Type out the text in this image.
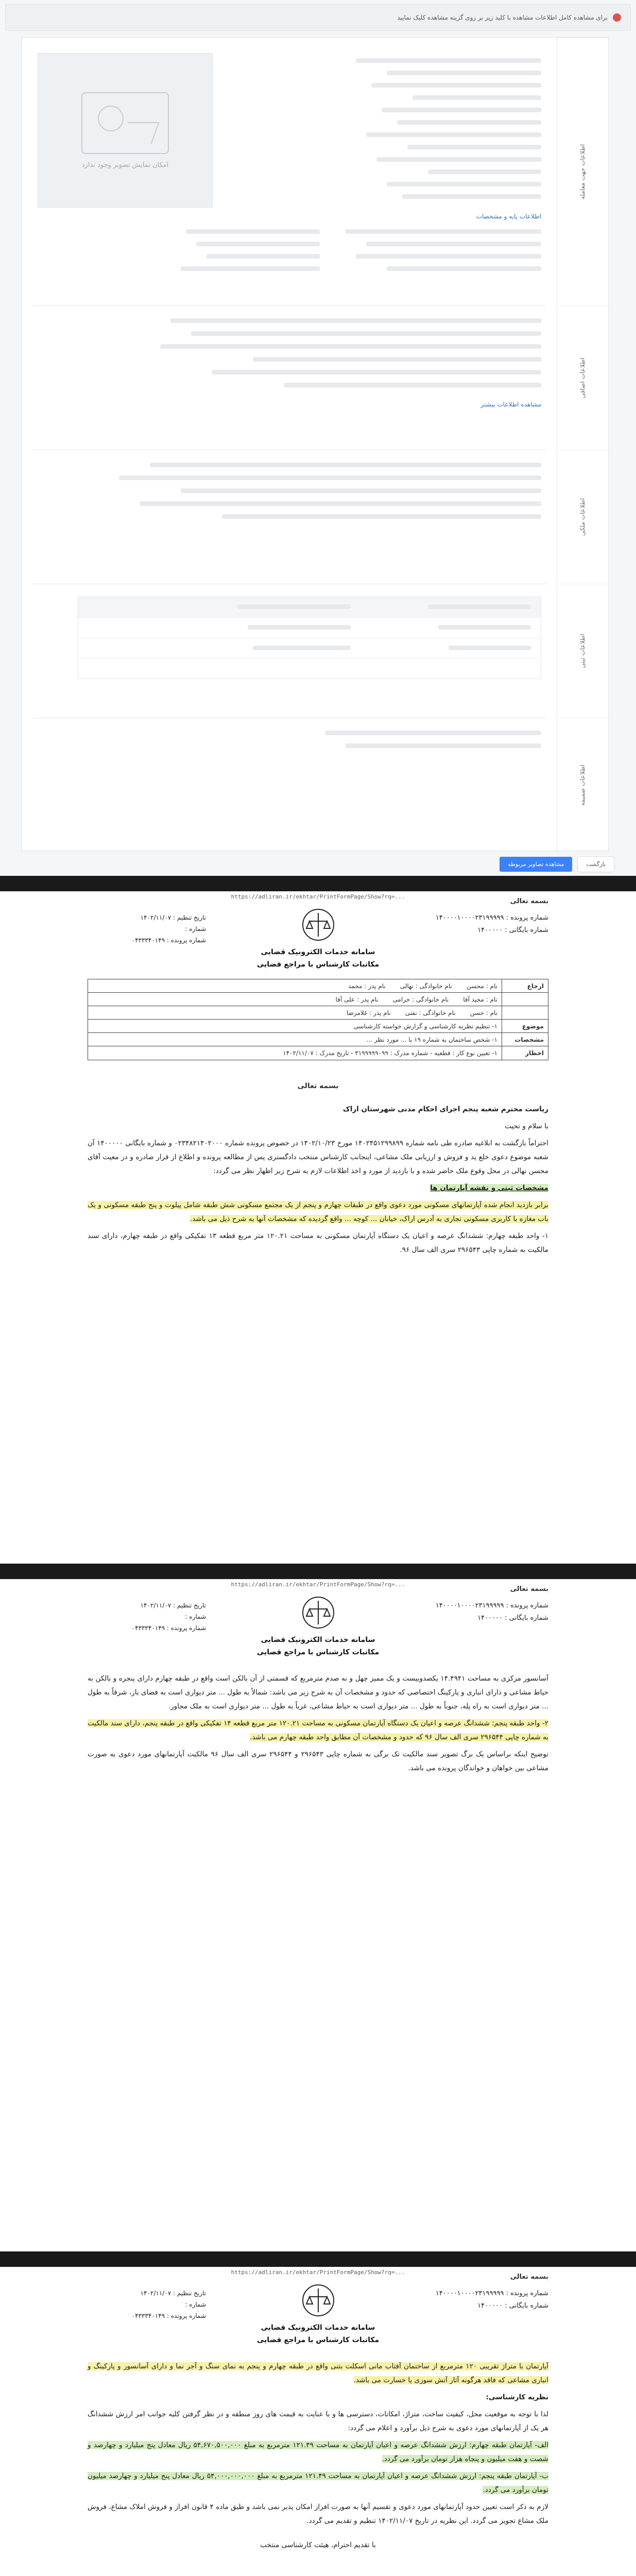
برای مشاهده کامل اطلاعات مشاهده با کلید زیر بر روی گزینه مشاهده کلیک نمایید
اطلاعات جهت معامله
اطلاعات اضافی
اطلاعات ملکی
اطلاعات ثبتی
اطلاعات ضمیمه
امکان نمایش تصویر وجود ندارد
اطلاعات پایه و مشخصات
مشاهده اطلاعات بیشتر
بازگشت
مشاهده تصاویر مربوطه
https://adliran.ir/ekhtar/PrintFormPage/Show?rq=...
بسمه تعالی
شماره پرونده : ۱۴۰۰۰۰۱۰۰۰۰۲۳۱۹۹۹۹۹
شماره بایگانی : ۱۴۰۰۰۰۰
سامانه خدمات الکترونیک قضایی
مکاتبات کارشناس با مراجع قضایی
تاریخ تنظیم : ۱۴۰۲/۱۱/۰۷
شماره :
شماره پرونده : ۰۴۳۳۳۴۰۱۴۹
ارجاع
نام : محسن
نام خانوادگی : نهالی
نام پدر : محمد
نام : مجید آقا
نام خانوادگی : خرامی
نام پدر : علی آقا
نام : حسن
نام خانوادگی : نفتی
نام پدر : غلامرضا
موضوع
۱- تنظیم نظریه کارشناسی و گزارش خواسته کارشناسی
مشخصات
۱- شخص ساختمان به شماره ۱۹ با ... مورد نظر ...
اخطار
۱- تعیین نوع کار : قطعیه - شماره مدرک : ۳۱۹۹۹۹۹۰۹۹ - تاریخ مدرک : ۱۴۰۲/۱۱/۰۷
بسمه تعالی

ریاست محترم شعبه پنجم اجرای احکام مدنی شهرستان اراک

با سلام و تحیت

احتراماً بازگشت به ابلاغیه صادره طی نامه شماره ۱۴۰۲۴۵۱۲۹۹۸۹۹ مورخ ۱۴۰۲/۱۰/۲۳ در خصوص پرونده شماره ۰۲۳۴۸۲۱۴۰۲۰۰۰ و شماره بایگانی ۱۴۰۰۰۰۰ آن شعبه موضوع دعوی خلع ید و فروش و ارزیابی ملک مشاعی، اینجانب کارشناس منتخب دادگستری پس از مطالعه پرونده و اطلاع از قرار صادره و در معیت آقای محسن نهالی در محل وقوع ملک حاضر شده و با بازدید از مورد و اخذ اطلاعات لازم به شرح زیر اظهار نظر می گردد:

مشخصات ثبتی و نقشه آپارتمان ها

برابر بازدید انجام شده آپارتمانهای مسکونی مورد دعوی واقع در طبقات چهارم و پنجم از یک مجتمع مسکونی شش طبقه شامل پیلوت و پنج طبقه مسکونی و یک باب مغازه با کاربری مسکونی تجاری به آدرس اراک، خیابان ... کوچه ... واقع گردیده که مشخصات آنها به شرح ذیل می باشد.

۱- واحد طبقه چهارم: ششدانگ عرصه و اعیان یک دستگاه آپارتمان مسکونی به مساحت ۱۲۰.۲۱ متر مربع قطعه ۱۳ تفکیکی واقع در طبقه چهارم، دارای سند مالکیت به شماره چاپی ۲۹۶۵۴۳ سری الف سال ۹۶.

https://adliran.ir/ekhtar/PrintFormPage/Show?rq=...
بسمه تعالی
شماره پرونده : ۱۴۰۰۰۰۱۰۰۰۰۲۳۱۹۹۹۹۹
شماره بایگانی : ۱۴۰۰۰۰۰
سامانه خدمات الکترونیک قضایی
مکاتبات کارشناس با مراجع قضایی
تاریخ تنظیم : ۱۴۰۲/۱۱/۰۷
شماره :
شماره پرونده : ۰۴۳۳۳۴۰۱۴۹

آسانسور مرکزی به مساحت ۱۴.۴۹۴۱ یکصدوبیست و یک ممیز چهل و نه صدم مترمربع که قسمتی از آن بالکن است واقع در طبقه چهارم دارای پنجره و بالکن به حیاط مشاعی و دارای انباری و پارکینگ اختصاصی که حدود و مشخصات آن به شرح زیر می باشد: شمالاً به طول ... متر دیواری است به فضای باز، شرقاً به طول ... متر دیواری است به راه پله، جنوباً به طول ... متر دیواری است به حیاط مشاعی، غرباً به طول ... متر دیواری است به ملک مجاور.

۲- واحد طبقه پنجم: ششدانگ عرصه و اعیان یک دستگاه آپارتمان مسکونی به مساحت ۱۲۰.۲۱ متر مربع قطعه ۱۴ تفکیکی واقع در طبقه پنجم، دارای سند مالکیت به شماره چاپی ۲۹۶۵۴۴ سری الف سال ۹۶ که حدود و مشخصات آن مطابق واحد طبقه چهارم می باشد.

توضیح اینکه براساس یک برگ تصویر سند مالکیت تک برگی به شماره چاپی ۲۹۶۵۴۳ و ۲۹۶۵۴۴ سری الف سال ۹۶ مالکیت آپارتمانهای مورد دعوی به صورت مشاعی بین خواهان و خواندگان پرونده می باشد.

https://adliran.ir/ekhtar/PrintFormPage/Show?rq=...
بسمه تعالی
شماره پرونده : ۱۴۰۰۰۰۱۰۰۰۰۲۳۱۹۹۹۹۹
شماره بایگانی : ۱۴۰۰۰۰۰
سامانه خدمات الکترونیک قضایی
مکاتبات کارشناس با مراجع قضایی
تاریخ تنظیم : ۱۴۰۲/۱۱/۰۷
شماره :
شماره پرونده : ۰۴۳۳۳۴۰۱۴۹

آپارتمان با متراژ تقریبی ۱۲۰ مترمربع از ساختمان آفتاب مانی اسکلت بتنی واقع در طبقه چهارم و پنجم به نمای سنگ و آجر نما و دارای آسانسور و پارکینگ و انباری مشاعی که فاقد هرگونه آثار آتش سوزی یا خسارت می باشد.

نظریه کارشناسی:

لذا با توجه به موقعیت محل، کیفیت ساخت، متراژ، امکانات، دسترسی ها و با عنایت به قیمت های روز منطقه و در نظر گرفتن کلیه جوانب امر ارزش ششدانگ هر یک از آپارتمانهای مورد دعوی به شرح ذیل برآورد و اعلام می گردد:

الف- آپارتمان طبقه چهارم: ارزش ششدانگ عرصه و اعیان آپارتمان به مساحت ۱۲۱.۴۹ مترمربع به مبلغ ۵۴,۶۷۰,۵۰۰,۰۰۰ ریال معادل پنج میلیارد و چهارصد و شصت و هفت میلیون و پنجاه هزار تومان برآورد می گردد.

ب- آپارتمان طبقه پنجم: ارزش ششدانگ عرصه و اعیان آپارتمان به مساحت ۱۲۱.۴۹ مترمربع به مبلغ ۵۴,۰۰۰,۰۰۰,۰۰۰ ریال معادل پنج میلیارد و چهارصد میلیون تومان برآورد می گردد.

لازم به ذکر است تعیین حدود آپارتمانهای مورد دعوی و تقسیم آنها به صورت افراز امکان پذیر نمی باشد و طبق ماده ۴ قانون افراز و فروش املاک مشاع، فروش ملک مشاع تجویز می گردد. این نظریه در تاریخ ۱۴۰۲/۱۱/۰۷ تنظیم و تقدیم می گردد.

با تقدیم احترام، هیئت کارشناسی منتخب
